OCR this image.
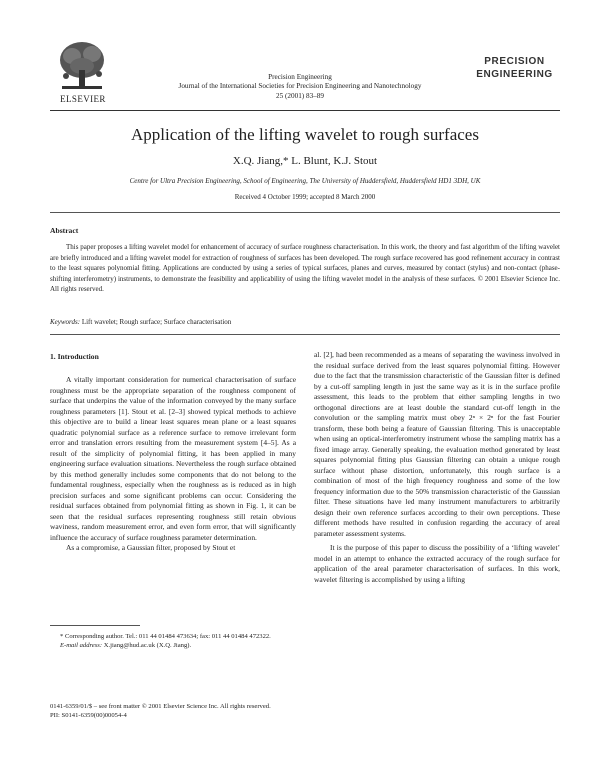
ELSEVIER
Precision Engineering
Journal of the International Societies for Precision Engineering and Nanotechnology
25 (2001) 83–89
PRECISION
ENGINEERING
Application of the lifting wavelet to rough surfaces
X.Q. Jiang,* L. Blunt, K.J. Stout
Centre for Ultra Precision Engineering, School of Engineering, The University of Huddersfield, Huddersfield HD1 3DH, UK
Received 4 October 1999; accepted 8 March 2000
Abstract
This paper proposes a lifting wavelet model for enhancement of accuracy of surface roughness characterisation. In this work, the theory and fast algorithm of the lifting wavelet are briefly introduced and a lifting wavelet model for extraction of roughness of surfaces has been developed. The rough surface recovered has good refinement accuracy in contrast to the least squares polynomial fitting. Applications are conducted by using a series of typical surfaces, planes and curves, measured by contact (stylus) and non-contact (phase-shifting interferometry) instruments, to demonstrate the feasibility and applicability of using the lifting wavelet model in the analysis of these surfaces. © 2001 Elsevier Science Inc. All rights reserved.
Keywords: Lift wavelet; Rough surface; Surface characterisation
1. Introduction

A vitally important consideration for numerical characterisation of surface roughness must be the appropriate separation of the roughness component of surface that underpins the value of the information conveyed by the many surface roughness parameters [1]. Stout et al. [2–3] showed typical methods to achieve this objective are to build a linear least squares mean plane or a least squares quadratic polynomial surface as a reference surface to remove irrelevant form error and translation errors resulting from the measurement system [4–5]. As a result of the simplicity of polynomial fitting, it has been applied in many engineering surface evaluation situations. Nevertheless the rough surface obtained by this method generally includes some components that do not belong to the fundamental roughness, especially when the roughness as is reduced as in high precision surfaces and some significant problems can occur. Considering the residual surfaces obtained from polynomial fitting as shown in Fig. 1, it can be seen that the residual surfaces representing roughness still retain obvious waviness, random measurement error, and even form error, that will significantly influence the accuracy of surface roughness parameter determination.

As a compromise, a Gaussian filter, proposed by Stout et

al. [2], had been recommended as a means of separating the waviness involved in the residual surface derived from the least squares polynomial fitting. However due to the fact that the transmission characteristic of the Gaussian filter is defined by a cut-off sampling length in just the same way as it is in the surface profile assessment, this leads to the problem that either sampling lengths in two orthogonal directions are at least double the standard cut-off length in the convolution or the sampling matrix must obey 2ⁿ × 2ⁿ for the fast Fourier transform, these both being a feature of Gaussian filtering. This is unacceptable when using an optical-interferometry instrument whose the sampling matrix has a fixed image array. Generally speaking, the evaluation method generated by least squares polynomial fitting plus Gaussian filtering can obtain a unique rough surface without phase distortion, unfortunately, this rough surface is a combination of most of the high frequency roughness and some of the low frequency information due to the 50% transmission characteristic of the Gaussian filter. These situations have led many instrument manufacturers to arbitrarily design their own reference surfaces according to their own perceptions. These different methods have resulted in confusion regarding the accuracy of areal parameter assessment systems.

It is the purpose of this paper to discuss the possibility of a ‘lifting wavelet’ model in an attempt to enhance the extracted accuracy of the rough surface for application of the areal parameter characterisation of surfaces. In this work, wavelet filtering is accomplished by using a lifting

* Corresponding author. Tel.: 011 44 01484 473634; fax: 011 44 01484 472322.
E-mail address: X.jiang@hud.ac.uk (X.Q. Jiang).
0141-6359/01/$ – see front matter © 2001 Elsevier Science Inc. All rights reserved.
PII: S0141-6359(00)00054-4
